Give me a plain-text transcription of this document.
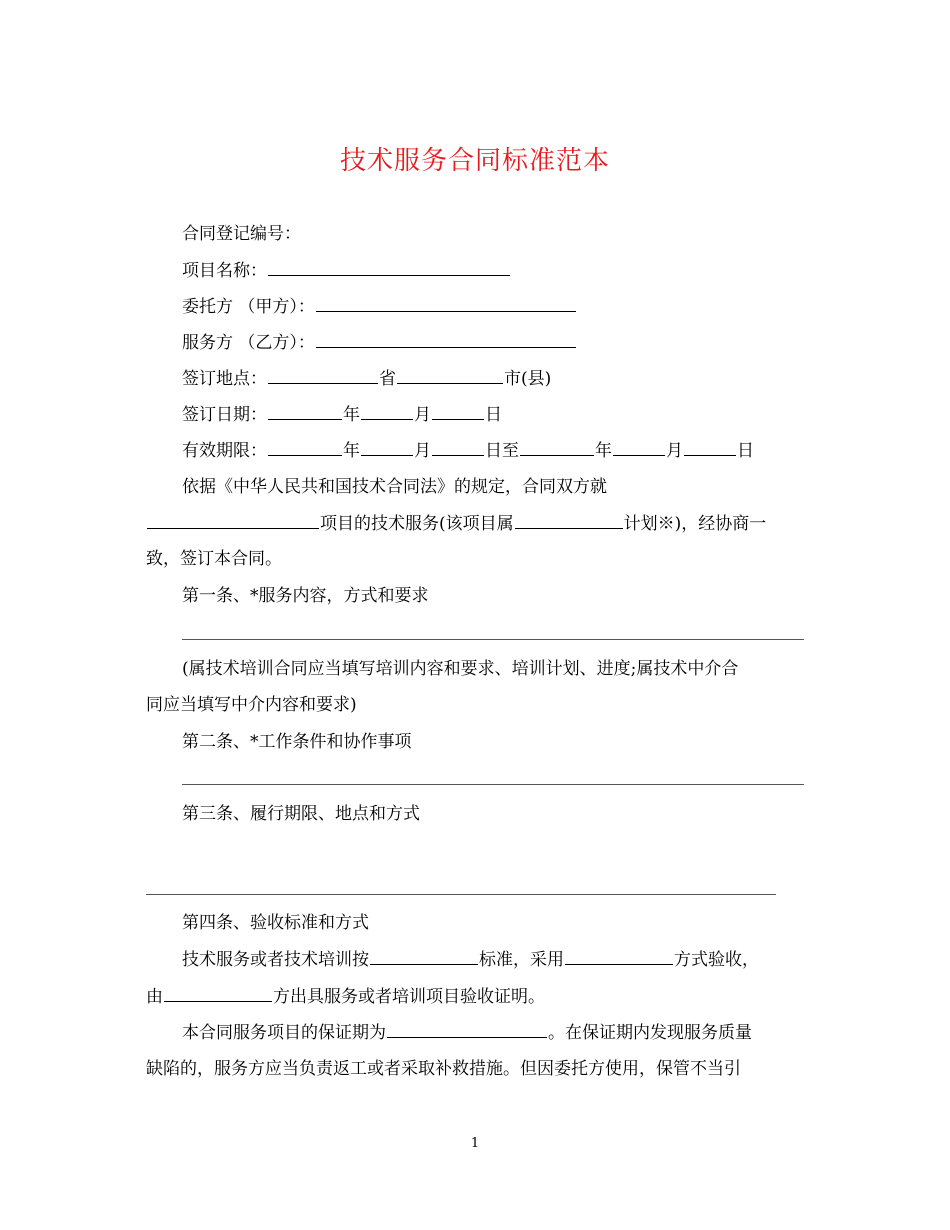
技术服务合同标准范本
合同登记编号：
项目名称：
委托方 （甲方）：
服务方 （乙方）：
签订地点：	省	市(县)
签订日期：	年	月	日
有效期限：	年	月	日至	年	月	日
依据《中华人民共和国技术合同法》的规定，合同双方就
项目的技术服务(该项目属	计划※)，经协商一
致，签订本合同。
第一条、*服务内容，方式和要求
(属技术培训合同应当填写培训内容和要求、培训计划、进度;属技术中介合
同应当填写中介内容和要求)
第二条、*工作条件和协作事项
第三条、履行期限、地点和方式
第四条、验收标准和方式
技术服务或者技术培训按	标准，采用	方式验收，
由	方出具服务或者培训项目验收证明。
本合同服务项目的保证期为	。在保证期内发现服务质量
缺陷的，服务方应当负责返工或者采取补救措施。但因委托方使用，保管不当引
1
